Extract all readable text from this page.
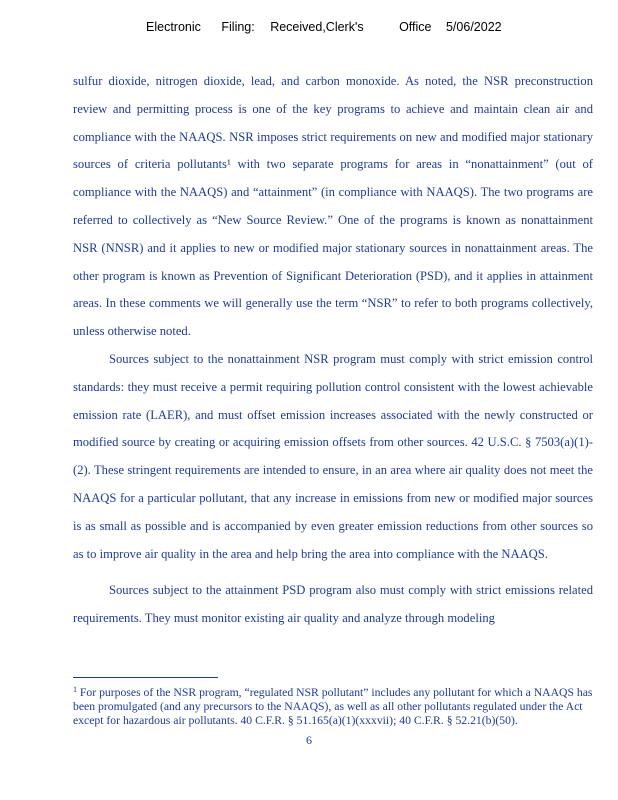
Electronic Filing: Received,Clerk's	Office 5/06/2022

sulfur dioxide, nitrogen dioxide, lead, and carbon monoxide. As noted, the NSR preconstruction review and permitting process is one of the key programs to achieve and maintain clean air and compliance with the NAAQS. NSR imposes strict requirements on new and modified major stationary sources of criteria pollutants¹ with two separate programs for areas in “nonattainment” (out of compliance with the NAAQS) and “attainment” (in compliance with NAAQS). The two programs are referred to collectively as “New Source Review.” One of the programs is known as nonattainment NSR (NNSR) and it applies to new or modified major stationary sources in nonattainment areas. The other program is known as Prevention of Significant Deterioration (PSD), and it applies in attainment areas. In these comments we will generally use the term “NSR” to refer to both programs collectively, unless otherwise noted.

Sources subject to the nonattainment NSR program must comply with strict emission control standards: they must receive a permit requiring pollution control consistent with the lowest achievable emission rate (LAER), and must offset emission increases associated with the newly constructed or modified source by creating or acquiring emission offsets from other sources. 42 U.S.C. § 7503(a)(1)-(2). These stringent requirements are intended to ensure, in an area where air quality does not meet the NAAQS for a particular pollutant, that any increase in emissions from new or modified major sources is as small as possible and is accompanied by even greater emission reductions from other sources so as to improve air quality in the area and help bring the area into compliance with the NAAQS.

Sources subject to the attainment PSD program also must comply with strict emissions related requirements. They must monitor existing air quality and analyze through modeling

$^1$ For purposes of the NSR program, “regulated NSR pollutant” includes any pollutant for which a NAAQS has been promulgated (and any precursors to the NAAQS), as well as all other pollutants regulated under the Act except for hazardous air pollutants. 40 C.F.R. § 51.165(a)(1)(xxxvii); 40 C.F.R. § 52.21(b)(50).
6
